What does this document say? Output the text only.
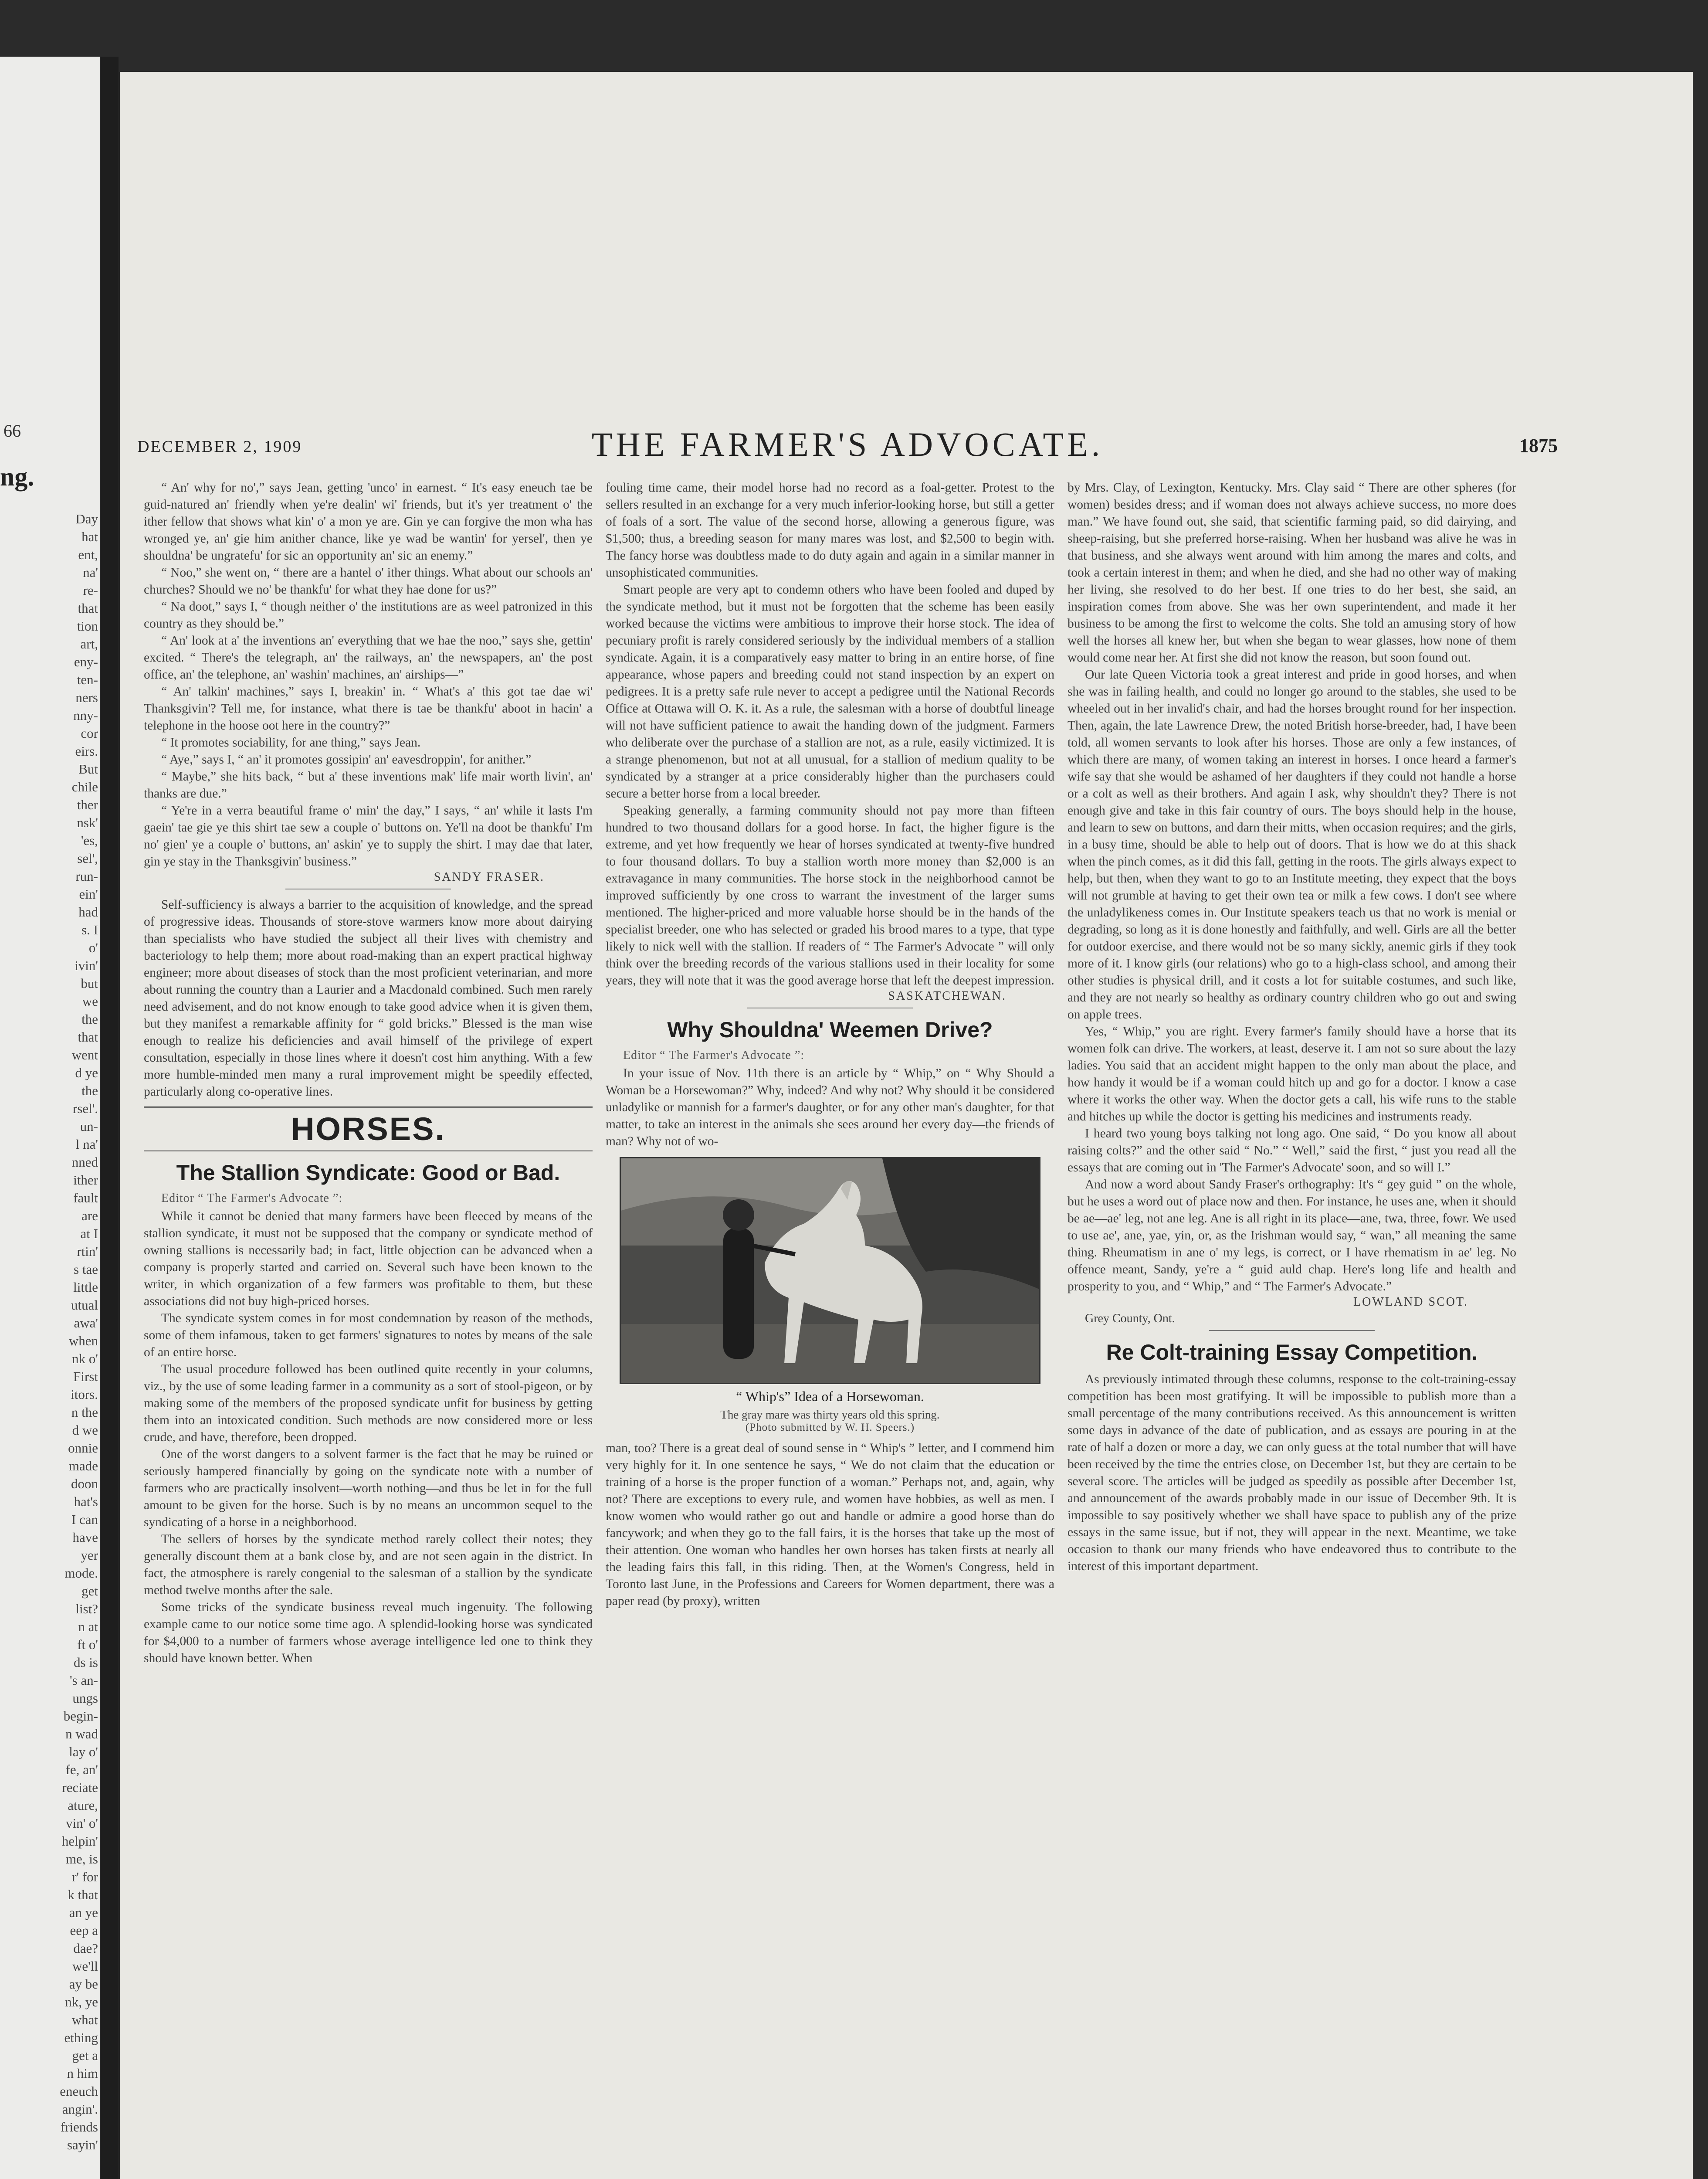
66
ng.
Day
hat
ent,
na'
re-
that
tion
art,
eny-
ten-
ners
nny-
cor
eirs.
But
chile
ther
nsk'
'es,
sel',
run-
ein'
had
s. I
o'
ivin'
but
we
the
that
went
d ye
the
rsel'.
un-
l na'
nned
ither
fault
are
at I
rtin'
s tae
little
utual
awa'
when
nk o'
First
itors.
n the
d we
onnie
made
doon
hat's
I can
have
yer
mode.
get
list?
n at
ft o'
ds is
's an-
ungs
begin-
n wad
lay o'
fe, an'
reciate
ature,
vin' o'
helpin'
me, is
r' for
k that
an ye
eep a
dae?
we'll
ay be
nk, ye
what
ething
get a
n him
eneuch
angin'.
friends
sayin'
THE FARMER'S ADVOCATE.
DECEMBER 2, 1909	1875

“ An' why for no',” says Jean, getting 'unco' in earnest. “ It's easy eneuch tae be guid-natured an' friendly when ye're dealin' wi' friends, but it's yer treatment o' the ither fellow that shows what kin' o' a mon ye are. Gin ye can forgive the mon wha has wronged ye, an' gie him anither chance, like ye wad be wantin' for yersel', then ye shouldna' be ungratefu' for sic an opportunity an' sic an enemy.”

“ Noo,” she went on, “ there are a hantel o' ither things. What about our schools an' churches? Should we no' be thankfu' for what they hae done for us?”

“ Na doot,” says I, “ though neither o' the institutions are as weel patronized in this country as they should be.”

“ An' look at a' the inventions an' everything that we hae the noo,” says she, gettin' excited. “ There's the telegraph, an' the railways, an' the newspapers, an' the post office, an' the telephone, an' washin' machines, an' airships—”

“ An' talkin' machines,” says I, breakin' in. “ What's a' this got tae dae wi' Thanksgivin'? Tell me, for instance, what there is tae be thankfu' aboot in hacin' a telephone in the hoose oot here in the country?”

“ It promotes sociability, for ane thing,” says Jean.

“ Aye,” says I, “ an' it promotes gossipin' an' eavesdroppin', for anither.”

“ Maybe,” she hits back, “ but a' these inventions mak' life mair worth livin', an' thanks are due.”

“ Ye're in a verra beautiful frame o' min' the day,” I says, “ an' while it lasts I'm gaein' tae gie ye this shirt tae sew a couple o' buttons on. Ye'll na doot be thankfu' I'm no' gien' ye a couple o' buttons, an' askin' ye to supply the shirt. I may dae that later, gin ye stay in the Thanksgivin' business.”

SANDY FRASER.

Self-sufficiency is always a barrier to the acquisition of knowledge, and the spread of progressive ideas. Thousands of store-stove warmers know more about dairying than specialists who have studied the subject all their lives with chemistry and bacteriology to help them; more about road-making than an expert practical highway engineer; more about diseases of stock than the most proficient veterinarian, and more about running the country than a Laurier and a Macdonald combined. Such men rarely need advisement, and do not know enough to take good advice when it is given them, but they manifest a remarkable affinity for “ gold bricks.” Blessed is the man wise enough to realize his deficiencies and avail himself of the privilege of expert consultation, especially in those lines where it doesn't cost him anything. With a few more humble-minded men many a rural improvement might be speedily effected, particularly along co-operative lines.

HORSES.
The Stallion Syndicate: Good or Bad.

Editor “ The Farmer's Advocate ”:

While it cannot be denied that many farmers have been fleeced by means of the stallion syndicate, it must not be supposed that the company or syndicate method of owning stallions is necessarily bad; in fact, little objection can be advanced when a company is properly started and carried on. Several such have been known to the writer, in which organization of a few farmers was profitable to them, but these associations did not buy high-priced horses.

The syndicate system comes in for most condemnation by reason of the methods, some of them infamous, taken to get farmers' signatures to notes by means of the sale of an entire horse.

The usual procedure followed has been outlined quite recently in your columns, viz., by the use of some leading farmer in a community as a sort of stool-pigeon, or by making some of the members of the proposed syndicate unfit for business by getting them into an intoxicated condition. Such methods are now considered more or less crude, and have, therefore, been dropped.

One of the worst dangers to a solvent farmer is the fact that he may be ruined or seriously hampered financially by going on the syndicate note with a number of farmers who are practically insolvent—worth nothing—and thus be let in for the full amount to be given for the horse. Such is by no means an uncommon sequel to the syndicating of a horse in a neighborhood.

The sellers of horses by the syndicate method rarely collect their notes; they generally discount them at a bank close by, and are not seen again in the district. In fact, the atmosphere is rarely congenial to the salesman of a stallion by the syndicate method twelve months after the sale.

Some tricks of the syndicate business reveal much ingenuity. The following example came to our notice some time ago. A splendid-looking horse was syndicated for $4,000 to a number of farmers whose average intelligence led one to think they should have known better. When

fouling time came, their model horse had no record as a foal-getter. Protest to the sellers resulted in an exchange for a very much inferior-looking horse, but still a getter of foals of a sort. The value of the second horse, allowing a generous figure, was $1,500; thus, a breeding season for many mares was lost, and $2,500 to begin with. The fancy horse was doubtless made to do duty again and again in a similar manner in unsophisticated communities.

Smart people are very apt to condemn others who have been fooled and duped by the syndicate method, but it must not be forgotten that the scheme has been easily worked because the victims were ambitious to improve their horse stock. The idea of pecuniary profit is rarely considered seriously by the individual members of a stallion syndicate. Again, it is a comparatively easy matter to bring in an entire horse, of fine appearance, whose papers and breeding could not stand inspection by an expert on pedigrees. It is a pretty safe rule never to accept a pedigree until the National Records Office at Ottawa will O. K. it. As a rule, the salesman with a horse of doubtful lineage will not have sufficient patience to await the handing down of the judgment. Farmers who deliberate over the purchase of a stallion are not, as a rule, easily victimized. It is a strange phenomenon, but not at all unusual, for a stallion of medium quality to be syndicated by a stranger at a price considerably higher than the purchasers could secure a better horse from a local breeder.

Speaking generally, a farming community should not pay more than fifteen hundred to two thousand dollars for a good horse. In fact, the higher figure is the extreme, and yet how frequently we hear of horses syndicated at twenty-five hundred to four thousand dollars. To buy a stallion worth more money than $2,000 is an extravagance in many communities. The horse stock in the neighborhood cannot be improved sufficiently by one cross to warrant the investment of the larger sums mentioned. The higher-priced and more valuable horse should be in the hands of the specialist breeder, one who has selected or graded his brood mares to a type, that type likely to nick well with the stallion. If readers of “ The Farmer's Advocate ” will only think over the breeding records of the various stallions used in their locality for some years, they will note that it was the good average horse that left the deepest impression.

SASKATCHEWAN.

Why Shouldna' Weemen Drive?

Editor “ The Farmer's Advocate ”:

In your issue of Nov. 11th there is an article by “ Whip,” on “ Why Should a Woman be a Horsewoman?” Why, indeed? And why not? Why should it be considered unladylike or mannish for a farmer's daughter, or for any other man's daughter, for that matter, to take an interest in the animals she sees around her every day—the friends of man? Why not of wo-

“ Whip's” Idea of a Horsewoman.

The gray mare was thirty years old this spring.

(Photo submitted by W. H. Speers.)

man, too? There is a great deal of sound sense in “ Whip's ” letter, and I commend him very highly for it. In one sentence he says, “ We do not claim that the education or training of a horse is the proper function of a woman.” Perhaps not, and, again, why not? There are exceptions to every rule, and women have hobbies, as well as men. I know women who would rather go out and handle or admire a good horse than do fancywork; and when they go to the fall fairs, it is the horses that take up the most of their attention. One woman who handles her own horses has taken firsts at nearly all the leading fairs this fall, in this riding. Then, at the Women's Congress, held in Toronto last June, in the Professions and Careers for Women department, there was a paper read (by proxy), written

by Mrs. Clay, of Lexington, Kentucky. Mrs. Clay said “ There are other spheres (for women) besides dress; and if woman does not always achieve success, no more does man.” We have found out, she said, that scientific farming paid, so did dairying, and sheep-raising, but she preferred horse-raising. When her husband was alive he was in that business, and she always went around with him among the mares and colts, and took a certain interest in them; and when he died, and she had no other way of making her living, she resolved to do her best. If one tries to do her best, she said, an inspiration comes from above. She was her own superintendent, and made it her business to be among the first to welcome the colts. She told an amusing story of how well the horses all knew her, but when she began to wear glasses, how none of them would come near her. At first she did not know the reason, but soon found out.

Our late Queen Victoria took a great interest and pride in good horses, and when she was in failing health, and could no longer go around to the stables, she used to be wheeled out in her invalid's chair, and had the horses brought round for her inspection. Then, again, the late Lawrence Drew, the noted British horse-breeder, had, I have been told, all women servants to look after his horses. Those are only a few instances, of which there are many, of women taking an interest in horses. I once heard a farmer's wife say that she would be ashamed of her daughters if they could not handle a horse or a colt as well as their brothers. And again I ask, why shouldn't they? There is not enough give and take in this fair country of ours. The boys should help in the house, and learn to sew on buttons, and darn their mitts, when occasion requires; and the girls, in a busy time, should be able to help out of doors. That is how we do at this shack when the pinch comes, as it did this fall, getting in the roots. The girls always expect to help, but then, when they want to go to an Institute meeting, they expect that the boys will not grumble at having to get their own tea or milk a few cows. I don't see where the unladylikeness comes in. Our Institute speakers teach us that no work is menial or degrading, so long as it is done honestly and faithfully, and well. Girls are all the better for outdoor exercise, and there would not be so many sickly, anemic girls if they took more of it. I know girls (our relations) who go to a high-class school, and among their other studies is physical drill, and it costs a lot for suitable costumes, and such like, and they are not nearly so healthy as ordinary country children who go out and swing on apple trees.

Yes, “ Whip,” you are right. Every farmer's family should have a horse that its women folk can drive. The workers, at least, deserve it. I am not so sure about the lazy ladies. You said that an accident might happen to the only man about the place, and how handy it would be if a woman could hitch up and go for a doctor. I know a case where it works the other way. When the doctor gets a call, his wife runs to the stable and hitches up while the doctor is getting his medicines and instruments ready.

I heard two young boys talking not long ago. One said, “ Do you know all about raising colts?” and the other said “ No.” “ Well,” said the first, “ just you read all the essays that are coming out in 'The Farmer's Advocate' soon, and so will I.”

And now a word about Sandy Fraser's orthography: It's “ gey guid ” on the whole, but he uses a word out of place now and then. For instance, he uses ane, when it should be ae—ae' leg, not ane leg. Ane is all right in its place—ane, twa, three, fowr. We used to use ae', ane, yae, yin, or, as the Irishman would say, “ wan,” all meaning the same thing. Rheumatism in ane o' my legs, is correct, or I have rhematism in ae' leg. No offence meant, Sandy, ye're a “ guid auld chap. Here's long life and health and prosperity to you, and “ Whip,” and “ The Farmer's Advocate.”

LOWLAND SCOT.

Grey County, Ont.

Re Colt-training Essay Competition.

As previously intimated through these columns, response to the colt-training-essay competition has been most gratifying. It will be impossible to publish more than a small percentage of the many contributions received. As this announcement is written some days in advance of the date of publication, and as essays are pouring in at the rate of half a dozen or more a day, we can only guess at the total number that will have been received by the time the entries close, on December 1st, but they are certain to be several score. The articles will be judged as speedily as possible after December 1st, and announcement of the awards probably made in our issue of December 9th. It is impossible to say positively whether we shall have space to publish any of the prize essays in the same issue, but if not, they will appear in the next. Meantime, we take occasion to thank our many friends who have endeavored thus to contribute to the interest of this important department.
